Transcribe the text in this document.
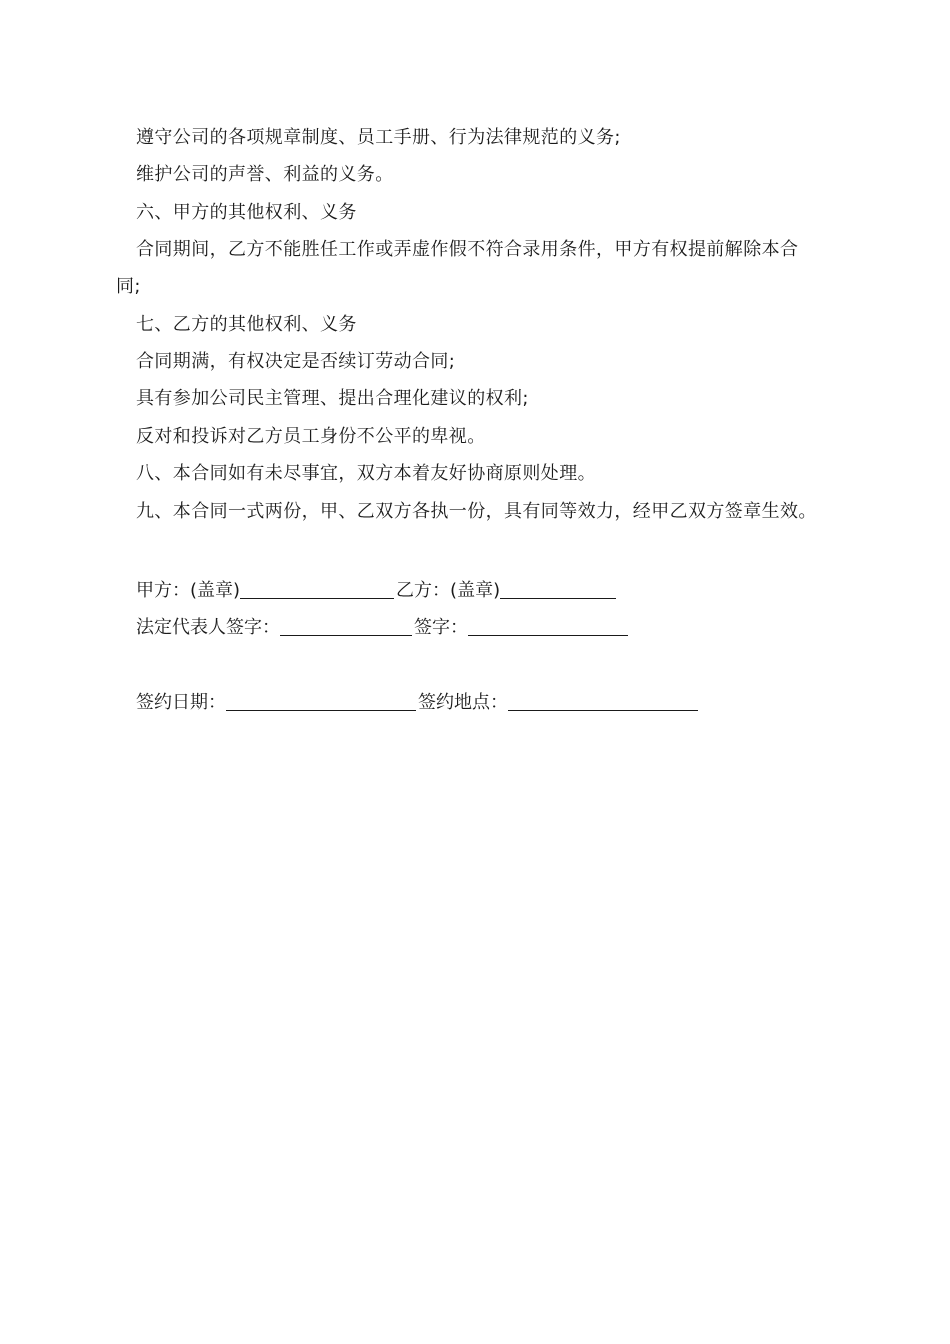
遵守公司的各项规章制度、员工手册、行为法律规范的义务;
维护公司的声誉、利益的义务。
六、甲方的其他权利、义务
合同期间，乙方不能胜任工作或弄虚作假不符合录用条件，甲方有权提前解除本合
同;
七、乙方的其他权利、义务
合同期满，有权决定是否续订劳动合同;
具有参加公司民主管理、提出合理化建议的权利;
反对和投诉对乙方员工身份不公平的卑视。
八、本合同如有未尽事宜，双方本着友好协商原则处理。
九、本合同一式两份，甲、乙双方各执一份，具有同等效力，经甲乙双方签章生效。
甲方：(盖章)	乙方：(盖章)
法定代表人签字：	签字：
签约日期：	签约地点：
